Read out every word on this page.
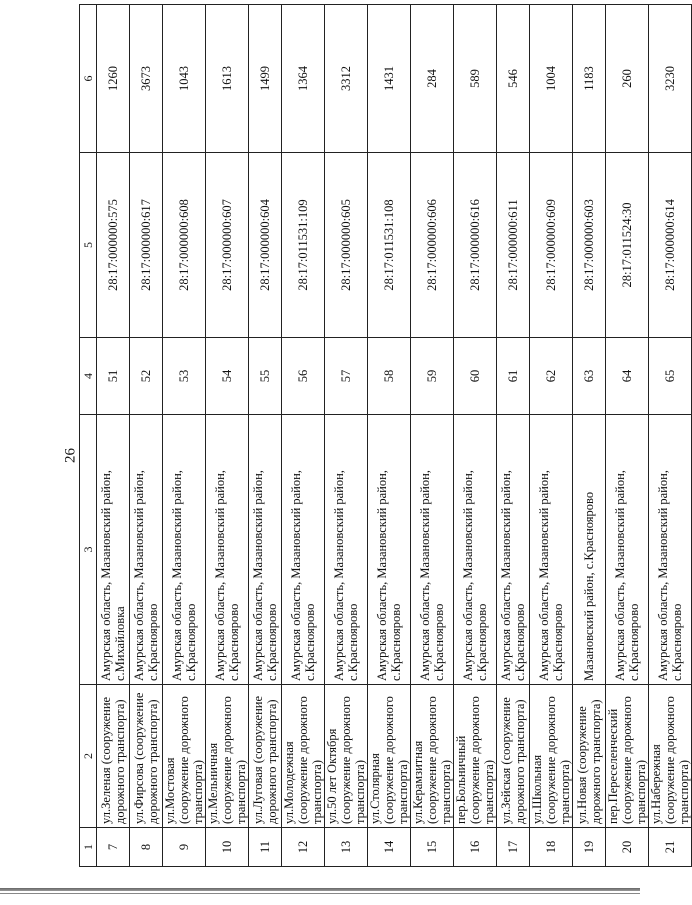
26
1	2	3	4	5	6
7	ул.Зеленая (сооружение дорожного транспорта)	Амурская область, Мазановский район, с.Михайловка	51	28:17:000000:575	1260
8	ул.Фирсова (сооружение дорожного транспорта)	Амурская область, Мазановский район, с.Красноярово	52	28:17:000000:617	3673
9	ул.Мостовая (сооружение дорожного транспорта)	Амурская область, Мазановский район, с.Красноярово	53	28:17:000000:608	1043
10	ул.Мельничная (сооружение дорожного транспорта)	Амурская область, Мазановский район, с.Красноярово	54	28:17:000000:607	1613
11	ул.Луговая (сооружение дорожного транспорта)	Амурская область, Мазановский район, с.Красноярово	55	28:17:000000:604	1499
12	ул.Молодежная (сооружение дорожного транспорта)	Амурская область, Мазановский район, с.Красноярово	56	28:17:011531:109	1364
13	ул.50 лет Октября (сооружение дорожного транспорта)	Амурская область, Мазановский район, с.Красноярово	57	28:17:000000:605	3312
14	ул.Столярная (сооружение дорожного транспорта)	Амурская область, Мазановский район, с.Красноярово	58	28:17:011531:108	1431
15	ул.Керамзитная (сооружение дорожного транспорта)	Амурская область, Мазановский район, с.Красноярово	59	28:17:000000:606	284
16	пер.Больничный (сооружение дорожного транспорта)	Амурская область, Мазановский район, с.Красноярово	60	28:17:000000:616	589
17	ул.Зейская (сооружение дорожного транспорта)	Амурская область, Мазановский район, с.Красноярово	61	28:17:000000:611	546
18	ул.Школьная (сооружение дорожного транспорта)	Амурская область, Мазановский район, с.Красноярово	62	28:17:000000:609	1004
19	ул.Новая (сооружение дорожного транспорта)	Мазановский район, с.Красноярово	63	28:17:000000:603	1183
20	пер.Переселенческий (сооружение дорожного транспорта)	Амурская область, Мазановский район, с.Красноярово	64	28:17:011524:30	260
21	ул.Набережная (сооружение дорожного транспорта)	Амурская область, Мазановский район, с.Красноярово	65	28:17:000000:614	3230
